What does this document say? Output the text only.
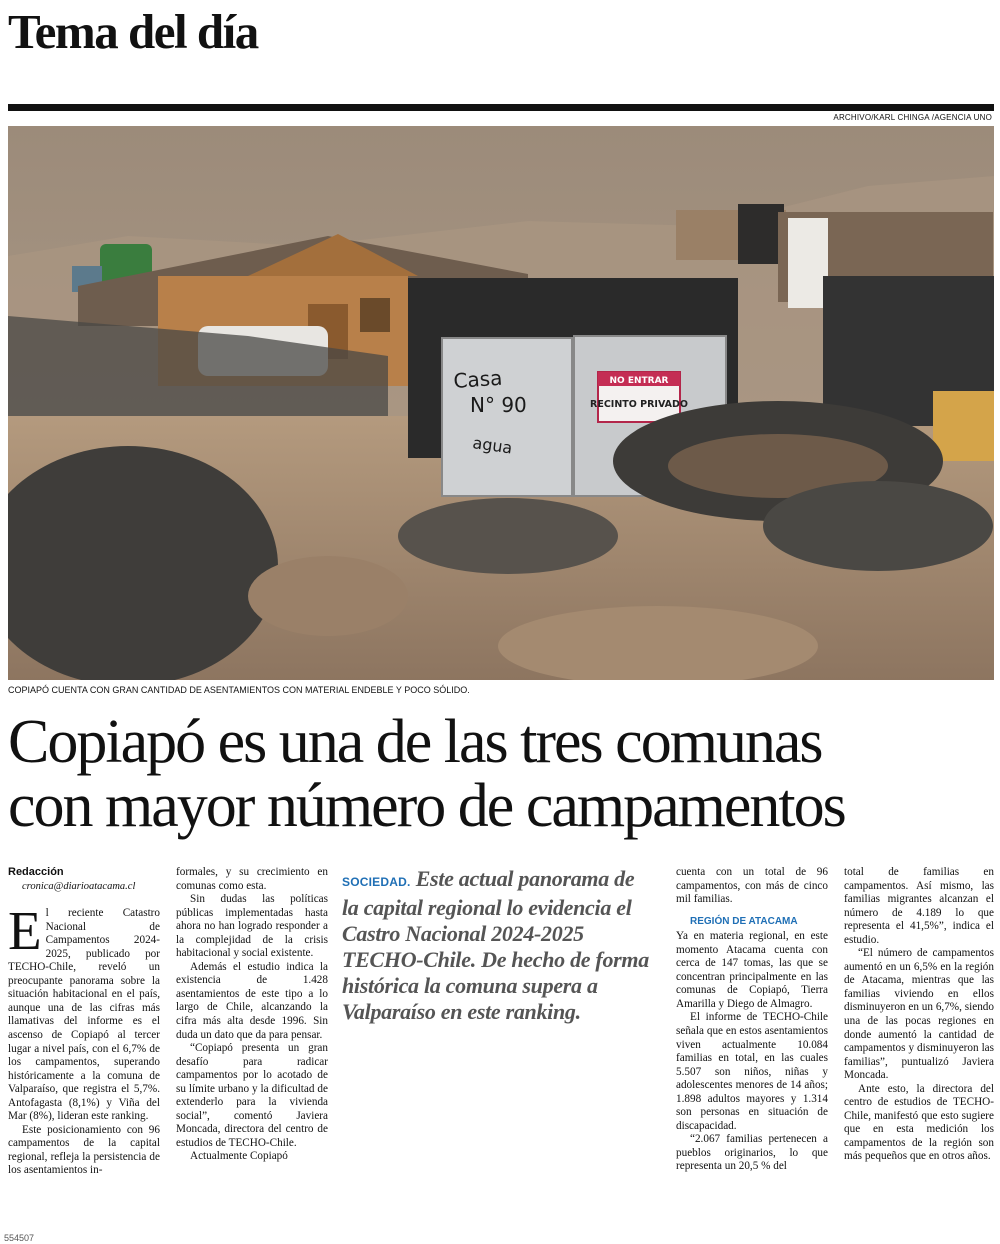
Tema del día
ARCHIVO/KARL CHINGA /AGENCIA UNO
Casa
N° 90
agua
NO ENTRAR
RECINTO PRIVADO
COPIAPÓ CUENTA CON GRAN CANTIDAD DE ASENTAMIENTOS CON MATERIAL ENDEBLE Y POCO SÓLIDO.
Copiapó es una de las tres comunas
con mayor número de campamentos

Redacción

cronica@diarioatacama.cl

El reciente Catastro Nacional de Campamentos 2024-2025, publicado por TECHO-Chile, reveló un preocupante panorama sobre la situación habitacional en el país, aunque una de las cifras más llamativas del informe es el ascenso de Copiapó al tercer lugar a nivel país, con el 6,7% de los campamentos, superando históricamente a la comuna de Valparaíso, que registra el 5,7%. Antofagasta (8,1%) y Viña del Mar (8%), lideran este ranking.

Este posicionamiento con 96 campamentos de la capital regional, refleja la persistencia de los asentamientos in-

formales, y su crecimiento en comunas como esta.

Sin dudas las políticas públicas implementadas hasta ahora no han logrado responder a la complejidad de la crisis habitacional y social existente.

Además el estudio indica la existencia de 1.428 asentamientos de este tipo a lo largo de Chile, alcanzando la cifra más alta desde 1996. Sin duda un dato que da para pensar.

“Copiapó presenta un gran desafío para radicar campamentos por lo acotado de su límite urbano y la dificultad de extenderlo para la vivienda social”, comentó Javiera Moncada, directora del centro de estudios de TECHO-Chile.

Actualmente Copiapó

SOCIEDAD. Este actual panorama de la capital regional lo evidencia el Castro Nacional 2024-2025 TECHO-Chile. De hecho de forma histórica la comuna supera a Valparaíso en este ranking.

cuenta con un total de 96 campamentos, con más de cinco mil familias.

REGIÓN DE ATACAMA

Ya en materia regional, en este momento Atacama cuenta con cerca de 147 tomas, las que se concentran principalmente en las comunas de Copiapó, Tierra Amarilla y Diego de Almagro.

El informe de TECHO-Chile señala que en estos asentamientos viven actualmente 10.084 familias en total, en las cuales 5.507 son niños, niñas y adolescentes menores de 14 años; 1.898 adultos mayores y 1.314 son personas en situación de discapacidad.

“2.067 familias pertenecen a pueblos originarios, lo que representa un 20,5 % del

total de familias en campamentos. Así mismo, las familias migrantes alcanzan el número de 4.189 lo que representa el 41,5%”, indica el estudio.

“El número de campamentos aumentó en un 6,5% en la región de Atacama, mientras que las familias viviendo en ellos disminuyeron en un 6,7%, siendo una de las pocas regiones en donde aumentó la cantidad de campamentos y disminuyeron las familias”, puntualizó Javiera Moncada.

Ante esto, la directora del centro de estudios de TECHO-Chile, manifestó que esto sugiere que en esta medición los campamentos de la región son más pequeños que en otros años.

554507
